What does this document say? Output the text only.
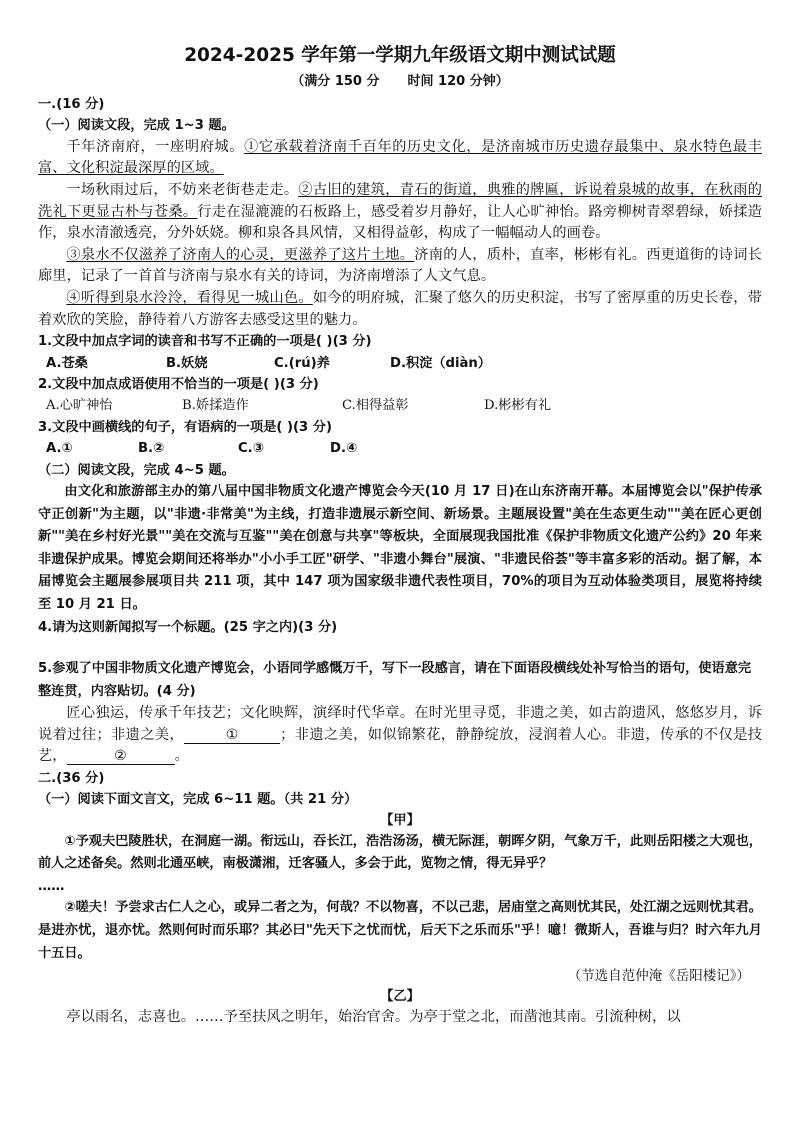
2024-2025 学年第一学期九年级语文期中测试试题
（满分 150 分 时间 120 分钟）

一.(16 分)

（一）阅读文段，完成 1~3 题。

千年济南府，一座明府城。①它承载着济南千百年的历史文化，是济南城市历史遗存最集中、泉水特色最丰富、文化积淀最深厚的区域。

一场秋雨过后，不妨来老街巷走走。②古旧的建筑，青石的街道，典雅的牌匾，诉说着泉城的故事，在秋雨的洗礼下更显古朴与苍桑。行走在湿漉漉的石板路上，感受着岁月静好，让人心旷神怡。路旁柳树青翠碧绿，娇揉造作，泉水清澈透亮，分外妖娆。柳和泉各具风情，又相得益彰，构成了一幅幅动人的画卷。

③泉水不仅滋养了济南人的心灵，更滋养了这片土地。济南的人，质朴，直率，彬彬有礼。西更道街的诗词长廊里，记录了一首首与济南与泉水有关的诗词，为济南增添了人文气息。

④听得到泉水泠泠，看得见一城山色。如今的明府城，汇聚了悠久的历史积淀，书写了密厚重的历史长卷，带着欢欣的笑脸，静待着八方游客去感受这里的魅力。

1.文段中加点字词的读音和书写不正确的一项是( )(3 分)

A.苍桑	B.妖娆	C.(rú)养	D.积淀（diàn）

2.文段中加点成语使用不恰当的一项是( )(3 分)

A.心旷神怡	B.娇揉造作	C.相得益彰	D.彬彬有礼

3.文段中画横线的句子，有语病的一项是( )(3 分)

A.①	B.②	C.③	D.④

（二）阅读文段，完成 4~5 题。

由文化和旅游部主办的第八届中国非物质文化遗产博览会今天(10 月 17 日)在山东济南开幕。本届博览会以"保护传承守正创新"为主题，以"非遗·非常美"为主线，打造非遗展示新空间、新场景。主题展设置"美在生态更生动""美在匠心更创新""美在乡村好光景""美在交流与互鉴""美在创意与共享"等板块，全面展现我国批准《保护非物质文化遗产公约》20 年来非遗保护成果。博览会期间还将举办"小小手工匠"研学、"非遗小舞台"展演、"非遗民俗荟"等丰富多彩的活动。据了解，本届博览会主题展参展项目共 211 项，其中 147 项为国家级非遗代表性项目，70%的项目为互动体验类项目，展览将持续至 10 月 21 日。

4.请为这则新闻拟写一个标题。(25 字之内)(3 分)

5.参观了中国非物质文化遗产博览会，小语同学感慨万千，写下一段感言，请在下面语段横线处补写恰当的语句，使语意完整连贯，内容贴切。(4 分)

匠心独运，传承千年技艺；文化映辉，演绎时代华章。在时光里寻觅，非遗之美，如古韵遗风，悠悠岁月，诉说着过往；非遗之美，	①	；非遗之美，如似锦繁花，静静绽放，浸润着人心。非遗，传承的不仅是技艺，	②	。

二.(36 分)

（一）阅读下面文言文，完成 6~11 题。（共 21 分）

【甲】

①予观夫巴陵胜状，在洞庭一湖。衔远山，吞长江，浩浩汤汤，横无际涯，朝晖夕阴，气象万千，此则岳阳楼之大观也，前人之述备矣。然则北通巫峡，南极潇湘，迁客骚人，多会于此，览物之情，得无异乎？

……

②嗟夫！予尝求古仁人之心，或异二者之为，何哉？不以物喜，不以己悲，居庙堂之高则忧其民，处江湖之远则忧其君。是进亦忧，退亦忧。然则何时而乐耶？其必曰"先天下之忧而忧，后天下之乐而乐"乎！噫！微斯人，吾谁与归？时六年九月十五日。

（节选自范仲淹《岳阳楼记》）

【乙】

亭以雨名，志喜也。……予至扶风之明年，始治官舍。为亭于堂之北，而凿池其南。引流种树，以
